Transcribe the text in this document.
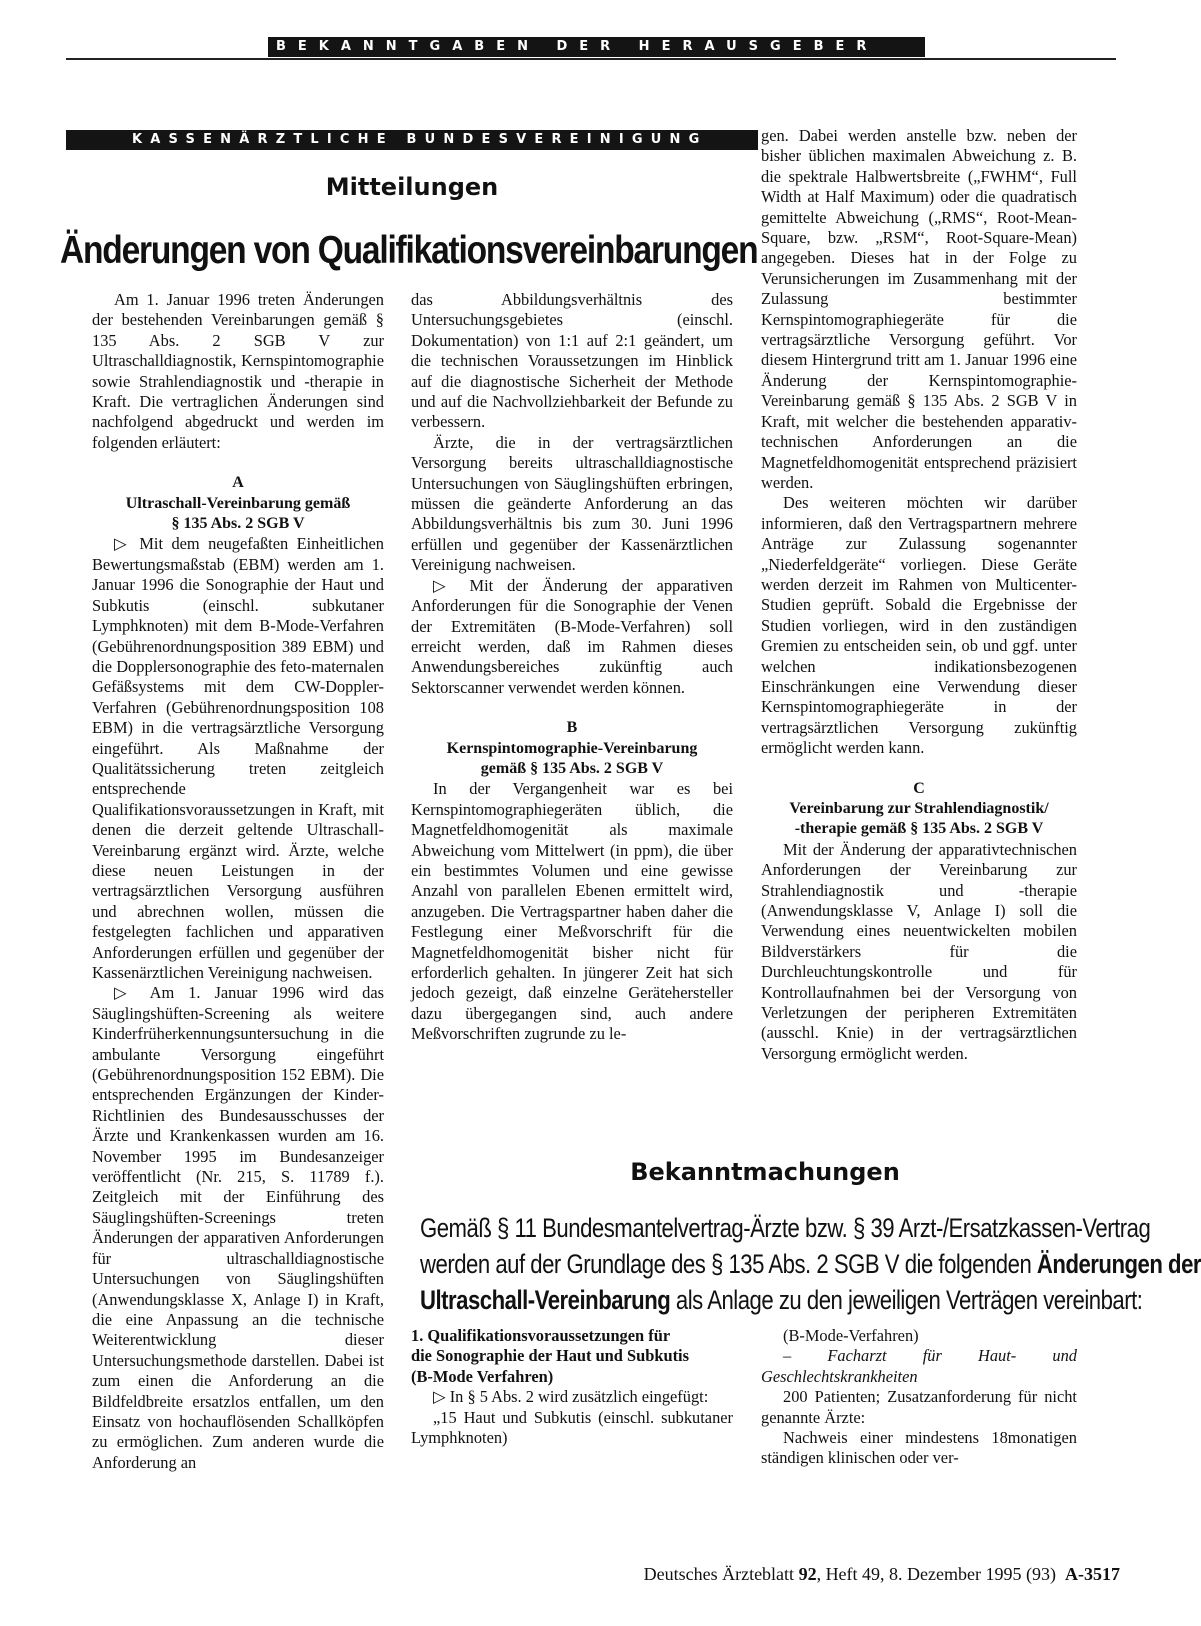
BEKANNTGABEN DER HERAUSGEBER
KASSENÄRZTLICHE BUNDESVEREINIGUNG
Mitteilungen
Änderungen von Qualifikationsvereinbarungen

Am 1. Januar 1996 treten Änderungen der bestehenden Vereinbarungen gemäß § 135 Abs. 2 SGB V zur Ultraschalldiagnostik, Kernspintomographie sowie Strahlendiagnostik und -therapie in Kraft. Die vertraglichen Änderungen sind nachfolgend abgedruckt und werden im folgenden erläutert:

A
Ultraschall-Vereinbarung gemäß
§ 135 Abs. 2 SGB V

▷ Mit dem neugefaßten Einheitlichen Bewertungsmaßstab (EBM) werden am 1. Januar 1996 die Sonographie der Haut und Subkutis (einschl. subkutaner Lymphknoten) mit dem B-Mode-Verfahren (Gebührenordnungsposition 389 EBM) und die Dopplersonographie des feto-maternalen Gefäßsystems mit dem CW-Doppler-Verfahren (Gebührenordnungsposition 108 EBM) in die vertragsärztliche Versorgung eingeführt. Als Maßnahme der Qualitätssicherung treten zeitgleich entsprechende Qualifikationsvoraussetzungen in Kraft, mit denen die derzeit geltende Ultraschall-Vereinbarung ergänzt wird. Ärzte, welche diese neuen Leistungen in der vertragsärztlichen Versorgung ausführen und abrechnen wollen, müssen die festgelegten fachlichen und apparativen Anforderungen erfüllen und gegenüber der Kassenärztlichen Vereinigung nachweisen.

▷ Am 1. Januar 1996 wird das Säuglingshüften-Screening als weitere Kinderfrüherkennungsuntersuchung in die ambulante Versorgung eingeführt (Gebührenordnungsposition 152 EBM). Die entsprechenden Ergänzungen der Kinder-Richtlinien des Bundesausschusses der Ärzte und Krankenkassen wurden am 16. November 1995 im Bundesanzeiger veröffentlicht (Nr. 215, S. 11789 f.). Zeitgleich mit der Einführung des Säuglingshüften-Screenings treten Änderungen der apparativen Anforderungen für ultraschalldiagnostische Untersuchungen von Säuglingshüften (Anwendungsklasse X, Anlage I) in Kraft, die eine Anpassung an die technische Weiterentwicklung dieser Untersuchungsmethode darstellen. Dabei ist zum einen die Anforderung an die Bildfeldbreite ersatzlos entfallen, um den Einsatz von hochauflösenden Schallköpfen zu ermöglichen. Zum anderen wurde die Anforderung an

das Abbildungsverhältnis des Untersuchungsgebietes (einschl. Dokumentation) von 1:1 auf 2:1 geändert, um die technischen Voraussetzungen im Hinblick auf die diagnostische Sicherheit der Methode und auf die Nachvollziehbarkeit der Befunde zu verbessern.

Ärzte, die in der vertragsärztlichen Versorgung bereits ultraschalldiagnostische Untersuchungen von Säuglingshüften erbringen, müssen die geänderte Anforderung an das Abbildungsverhältnis bis zum 30. Juni 1996 erfüllen und gegenüber der Kassenärztlichen Vereinigung nachweisen.

▷ Mit der Änderung der apparativen Anforderungen für die Sonographie der Venen der Extremitäten (B-Mode-Verfahren) soll erreicht werden, daß im Rahmen dieses Anwendungsbereiches zukünftig auch Sektorscanner verwendet werden können.

B
Kernspintomographie-Vereinbarung
gemäß § 135 Abs. 2 SGB V

In der Vergangenheit war es bei Kernspintomographiegeräten üblich, die Magnetfeldhomogenität als maximale Abweichung vom Mittelwert (in ppm), die über ein bestimmtes Volumen und eine gewisse Anzahl von parallelen Ebenen ermittelt wird, anzugeben. Die Vertragspartner haben daher die Festlegung einer Meßvorschrift für die Magnetfeldhomogenität bisher nicht für erforderlich gehalten. In jüngerer Zeit hat sich jedoch gezeigt, daß einzelne Gerätehersteller dazu übergegangen sind, auch andere Meßvorschriften zugrunde zu le-

gen. Dabei werden anstelle bzw. neben der bisher üblichen maximalen Abweichung z. B. die spektrale Halbwertsbreite („FWHM“, Full Width at Half Maximum) oder die quadratisch gemittelte Abweichung („RMS“, Root-Mean-Square, bzw. „RSM“, Root-Square-Mean) angegeben. Dieses hat in der Folge zu Verunsicherungen im Zusammenhang mit der Zulassung bestimmter Kernspintomographiegeräte für die vertragsärztliche Versorgung geführt. Vor diesem Hintergrund tritt am 1. Januar 1996 eine Änderung der Kernspintomographie-Vereinbarung gemäß § 135 Abs. 2 SGB V in Kraft, mit welcher die bestehenden apparativ-technischen Anforderungen an die Magnetfeldhomogenität entsprechend präzisiert werden.

Des weiteren möchten wir darüber informieren, daß den Vertragspartnern mehrere Anträge zur Zulassung sogenannter „Niederfeldgeräte“ vorliegen. Diese Geräte werden derzeit im Rahmen von Multicenter-Studien geprüft. Sobald die Ergebnisse der Studien vorliegen, wird in den zuständigen Gremien zu entscheiden sein, ob und ggf. unter welchen indikationsbezogenen Einschränkungen eine Verwendung dieser Kernspintomographiegeräte in der vertragsärztlichen Versorgung zukünftig ermöglicht werden kann.

C
Vereinbarung zur Strahlendiagnostik/
-therapie gemäß § 135 Abs. 2 SGB V

Mit der Änderung der apparativtechnischen Anforderungen der Vereinbarung zur Strahlendiagnostik und -therapie (Anwendungsklasse V, Anlage I) soll die Verwendung eines neuentwickelten mobilen Bildverstärkers für die Durchleuchtungskontrolle und für Kontrollaufnahmen bei der Versorgung von Verletzungen der peripheren Extremitäten (ausschl. Knie) in der vertragsärztlichen Versorgung ermöglicht werden.

Bekanntmachungen
Gemäß § 11 Bundesmantelvertrag-Ärzte bzw. § 39 Arzt-/Ersatzkassen-Vertrag
werden auf der Grundlage des § 135 Abs. 2 SGB V die folgenden Änderungen der
Ultraschall-Vereinbarung als Anlage zu den jeweiligen Verträgen vereinbart:
1. Qualifikationsvoraussetzungen für
die Sonographie der Haut und Subkutis
(B-Mode Verfahren)

▷ In § 5 Abs. 2 wird zusätzlich eingefügt:

„15 Haut und Subkutis (einschl. subkutaner Lymphknoten)

(B-Mode-Verfahren)

– Facharzt für Haut- und Geschlechtskrankheiten

200 Patienten; Zusatzanforderung für nicht genannte Ärzte:

Nachweis einer mindestens 18monatigen ständigen klinischen oder ver-

Deutsches Ärzteblatt 92, Heft 49, 8. Dezember 1995 (93) A-3517
